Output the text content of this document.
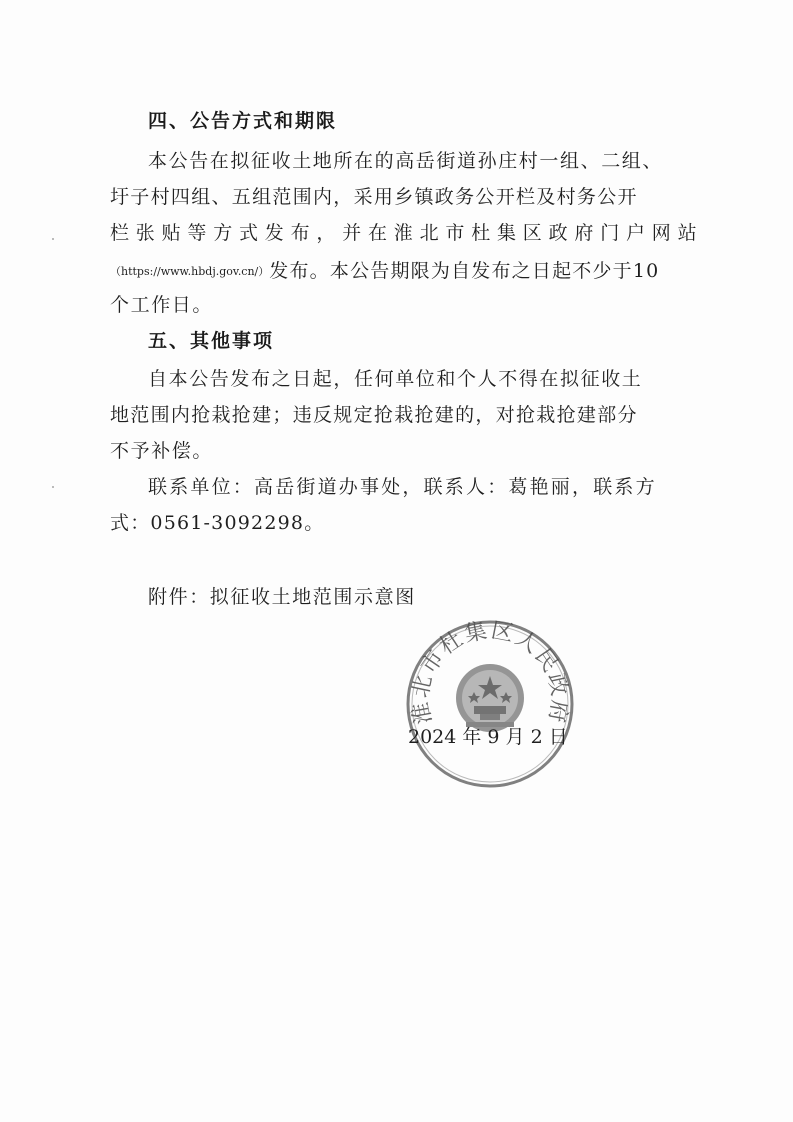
四、公告方式和期限
本公告在拟征收土地所在的高岳街道孙庄村一组、二组、
圩子村四组、五组范围内，采用乡镇政务公开栏及村务公开
栏张贴等方式发布，并在淮北市杜集区政府门户网站
（https://www.hbdj.gov.cn/）发布。本公告期限为自发布之日起不少于10
个工作日。
五、其他事项
自本公告发布之日起，任何单位和个人不得在拟征收土
地范围内抢栽抢建；违反规定抢栽抢建的，对抢栽抢建部分
不予补偿。
联系单位：高岳街道办事处，联系人：葛艳丽，联系方
式：0561-3092298。
附件：拟征收土地范围示意图
淮北市杜集区人民政府
2024 年 9 月 2 日
